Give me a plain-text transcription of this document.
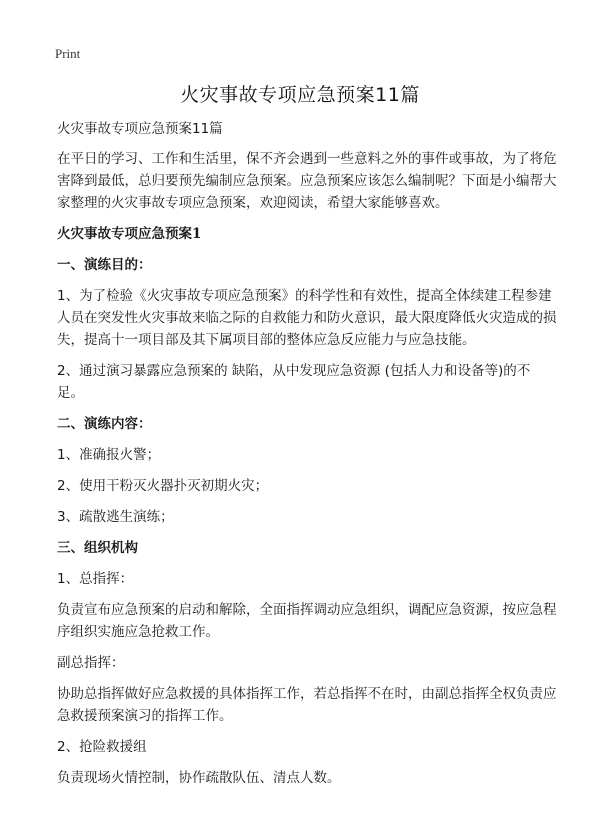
Print
火灾事故专项应急预案11篇

火灾事故专项应急预案11篇

在平日的学习、工作和生活里，保不齐会遇到一些意料之外的事件或事故，为了将危害降到最低，总归要预先编制应急预案。应急预案应该怎么编制呢？下面是小编帮大家整理的火灾事故专项应急预案，欢迎阅读，希望大家能够喜欢。

火灾事故专项应急预案1

一、演练目的：

1、为了检验《火灾事故专项应急预案》的科学性和有效性，提高全体续建工程参建人员在突发性火灾事故来临之际的自救能力和防火意识，最大限度降低火灾造成的损失，提高十一项目部及其下属项目部的整体应急反应能力与应急技能。

2、通过演习暴露应急预案的 缺陷，从中发现应急资源 (包括人力和设备等)的不足。

二、演练内容：

1、准确报火警；

2、使用干粉灭火器扑灭初期火灾；

3、疏散逃生演练；

三、组织机构

1、总指挥：

负责宣布应急预案的启动和解除，全面指挥调动应急组织，调配应急资源，按应急程序组织实施应急抢救工作。

副总指挥：

协助总指挥做好应急救援的具体指挥工作，若总指挥不在时，由副总指挥全权负责应急救援预案演习的指挥工作。

2、抢险救援组

负责现场火情控制，协作疏散队伍、清点人数。
